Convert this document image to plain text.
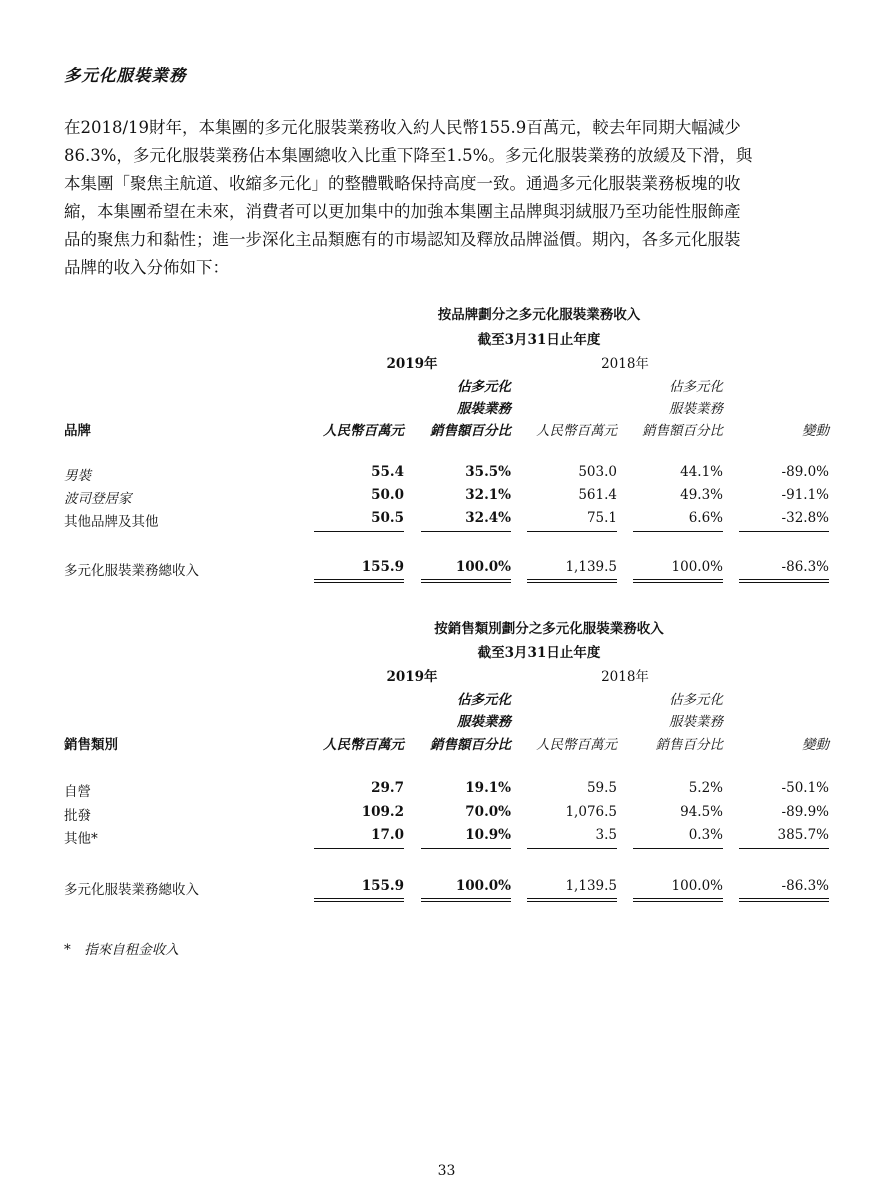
多元化服裝業務
在2018/19財年，本集團的多元化服裝業務收入約人民幣155.9百萬元，較去年同期大幅減少
86.3%，多元化服裝業務佔本集團總收入比重下降至1.5%。多元化服裝業務的放緩及下滑，與
本集團「聚焦主航道、收縮多元化」的整體戰略保持高度一致。通過多元化服裝業務板塊的收
縮，本集團希望在未來，消費者可以更加集中的加強本集團主品牌與羽絨服乃至功能性服飾產
品的聚焦力和黏性；進一步深化主品類應有的市場認知及釋放品牌溢價。期內，各多元化服裝
品牌的收入分佈如下：
按品牌劃分之多元化服裝業務收入
截至3月31日止年度
2019年	2018年
佔多元化
服裝業務
佔多元化
服裝業務
品牌	人民幣百萬元 銷售額百分比 人民幣百萬元 銷售額百分比	變動
男裝	55.4	35.5%	503.0	44.1%	-89.0%
波司登居家	50.0	32.1%	561.4	49.3%	-91.1%
其他品牌及其他	50.5	32.4%	75.1	6.6%	-32.8%
多元化服裝業務總收入	155.9	100.0%	1,139.5	100.0%	-86.3%
按銷售類別劃分之多元化服裝業務收入
截至3月31日止年度
2019年	2018年
佔多元化
服裝業務
佔多元化
服裝業務
銷售類別	人民幣百萬元 銷售額百分比 人民幣百萬元	銷售百分比	變動
自營	29.7	19.1%	59.5	5.2%	-50.1%
批發	109.2	70.0%	1,076.5	94.5%	-89.9%
其他*	17.0	10.9%	3.5	0.3%	385.7%
多元化服裝業務總收入	155.9	100.0%	1,139.5	100.0%	-86.3%
*　指來自租金收入
33
